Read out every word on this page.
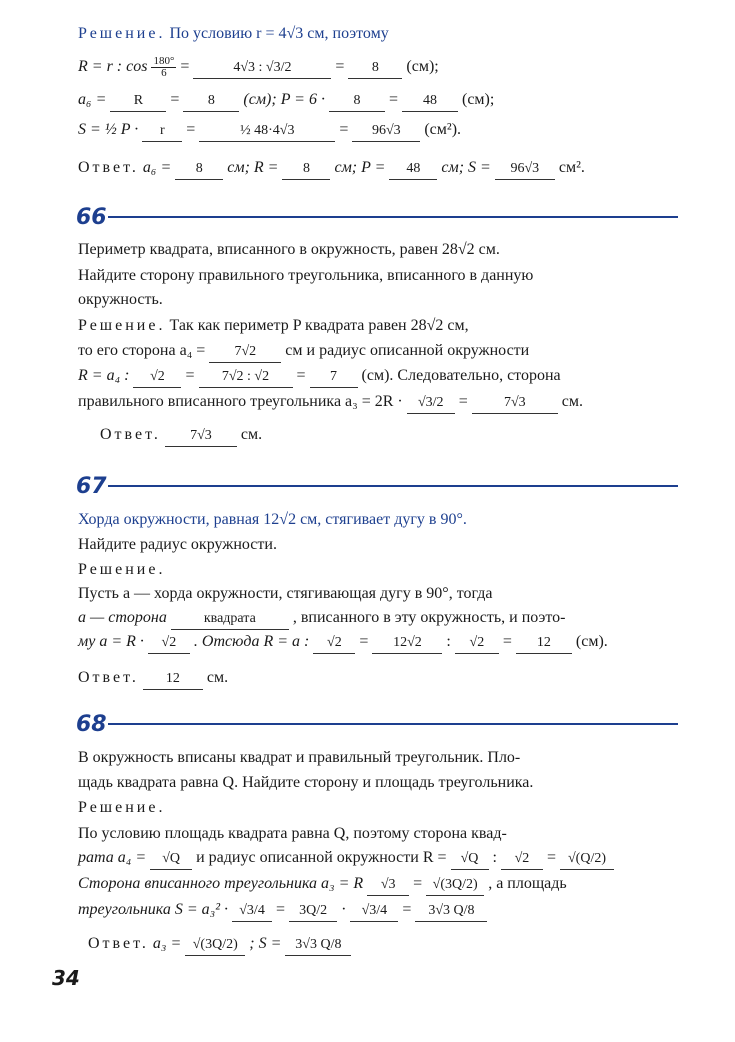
Решение. По условию r = 4√3 см, поэтому
R = r : $\cos \frac{180^\circ}{6}$ =	4√3 : √3/2 = 8 (см);
a₆ = R = 8 (см); P = 6 · 8 = 48 (см);
S = ½ P · r =	½ 48·4√3	= 96√3 (см²).
Ответ. a₆ = 8 см; R = 8 см; P = 48 см; S = 96√3 см².
66
Периметр квадрата, вписанного в окружность, равен 28√2 см.
Найдите сторону правильного треугольника, вписанного в данную
окружность.
Решение. Так как периметр P квадрата равен 28√2 см,
то его сторона a₄ = 7√2 см и радиус описанной окружности
R = a₄ : √2 = 7√2 : √2 = 7 (см). Следовательно, сторона
правильного вписанного треугольника a₃ = 2R · √3/2 = 7√3 см.
Ответ. 7√3 см.
67
Хорда окружности, равная 12√2 см, стягивает дугу в 90°.
Найдите радиус окружности.
Решение.
Пусть a — хорда окружности, стягивающая дугу в 90°, тогда
a — сторона	квадрата , вписанного в эту окружность, и поэто-
му a = R · √2 . Отсюда R = a : √2 = 12√2 : √2 = 12 (см).
Ответ. 12 см.
68
В окружность вписаны квадрат и правильный треугольник. Пло-
щадь квадрата равна Q. Найдите сторону и площадь треугольника.
Решение.
По условию площадь квадрата равна Q, поэтому сторона квад-
рата a₄ = √Q и радиус описанной окружности R = √Q : √2 = √(Q/2)
Сторона вписанного треугольника a₃ = R √3 = √(3Q/2) , а площадь
треугольника S = a₃² · √3/4 = 3Q/2 · √3/4 = 3√3 Q/8
Ответ. a₃ = √(3Q/2) ; S = 3√3 Q/8
34
